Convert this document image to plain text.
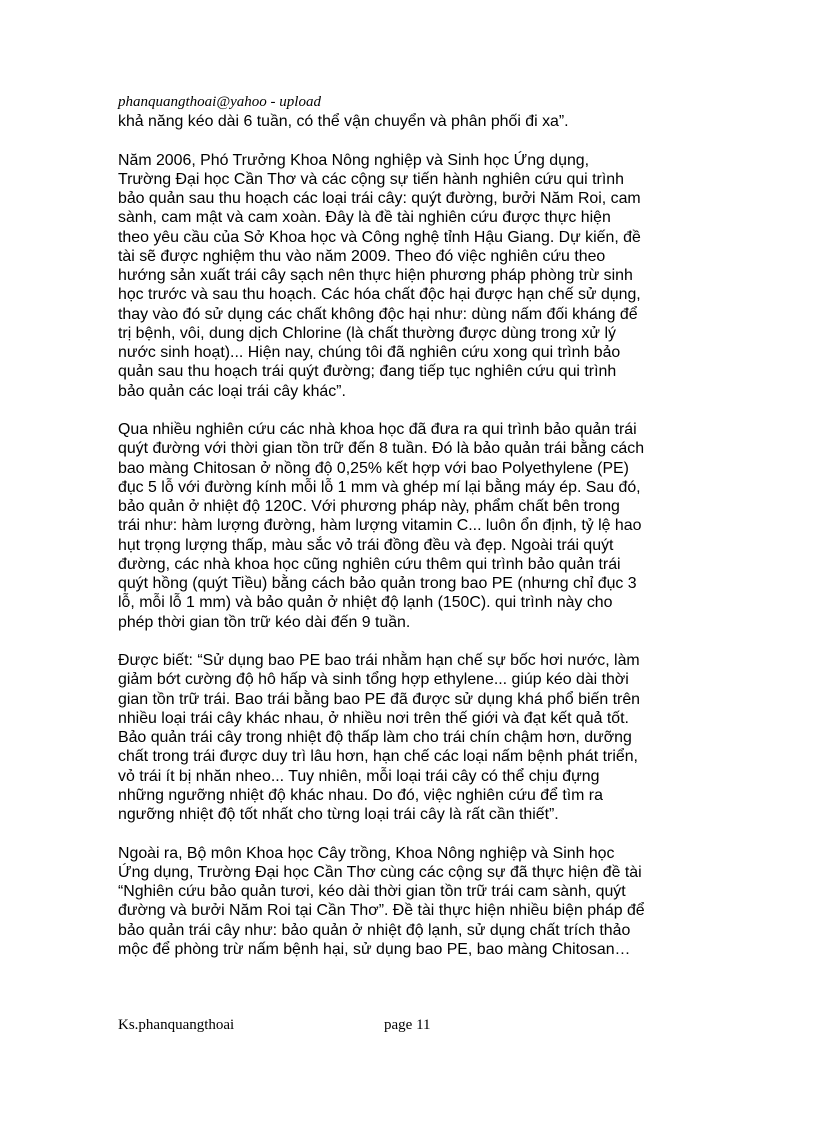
phanquangthoai@yahoo - upload
khả năng kéo dài 6 tuần, có thể vận chuyển và phân phối đi xa”.
Năm 2006, Phó Trưởng Khoa Nông nghiệp và Sinh học Ứng dụng,
Trường Đại học Cần Thơ và các cộng sự tiến hành nghiên cứu qui trình
bảo quản sau thu hoạch các loại trái cây: quýt đường, bưởi Năm Roi, cam
sành, cam mật và cam xoàn. Đây là đề tài nghiên cứu được thực hiện
theo yêu cầu của Sở Khoa học và Công nghệ tỉnh Hậu Giang. Dự kiến, đề
tài sẽ được nghiệm thu vào năm 2009. Theo đó việc nghiên cứu theo
hướng sản xuất trái cây sạch nên thực hiện phương pháp phòng trừ sinh
học trước và sau thu hoạch. Các hóa chất độc hại được hạn chế sử dụng,
thay vào đó sử dụng các chất không độc hại như: dùng nấm đối kháng để
trị bệnh, vôi, dung dịch Chlorine (là chất thường được dùng trong xử lý
nước sinh hoạt)... Hiện nay, chúng tôi đã nghiên cứu xong qui trình bảo
quản sau thu hoạch trái quýt đường; đang tiếp tục nghiên cứu qui trình
bảo quản các loại trái cây khác”.
Qua nhiều nghiên cứu các nhà khoa học đã đưa ra qui trình bảo quản trái
quýt đường với thời gian tồn trữ đến 8 tuần. Đó là bảo quản trái bằng cách
bao màng Chitosan ở nồng độ 0,25% kết hợp với bao Polyethylene (PE)
đục 5 lỗ với đường kính mỗi lỗ 1 mm và ghép mí lại bằng máy ép. Sau đó,
bảo quản ở nhiệt độ 120C. Với phương pháp này, phẩm chất bên trong
trái như: hàm lượng đường, hàm lượng vitamin C... luôn ổn định, tỷ lệ hao
hụt trọng lượng thấp, màu sắc vỏ trái đồng đều và đẹp. Ngoài trái quýt
đường, các nhà khoa học cũng nghiên cứu thêm qui trình bảo quản trái
quýt hồng (quýt Tiều) bằng cách bảo quản trong bao PE (nhưng chỉ đục 3
lỗ, mỗi lỗ 1 mm) và bảo quản ở nhiệt độ lạnh (150C). qui trình này cho
phép thời gian tồn trữ kéo dài đến 9 tuần.
Được biết: “Sử dụng bao PE bao trái nhằm hạn chế sự bốc hơi nước, làm
giảm bớt cường độ hô hấp và sinh tổng hợp ethylene... giúp kéo dài thời
gian tồn trữ trái. Bao trái bằng bao PE đã được sử dụng khá phổ biến trên
nhiều loại trái cây khác nhau, ở nhiều nơi trên thế giới và đạt kết quả tốt.
Bảo quản trái cây trong nhiệt độ thấp làm cho trái chín chậm hơn, dưỡng
chất trong trái được duy trì lâu hơn, hạn chế các loại nấm bệnh phát triển,
vỏ trái ít bị nhăn nheo... Tuy nhiên, mỗi loại trái cây có thể chịu đựng
những ngưỡng nhiệt độ khác nhau. Do đó, việc nghiên cứu để tìm ra
ngưỡng nhiệt độ tốt nhất cho từng loại trái cây là rất cần thiết”.
Ngoài ra, Bộ môn Khoa học Cây trồng, Khoa Nông nghiệp và Sinh học
Ứng dụng, Trường Đại học Cần Thơ cùng các cộng sự đã thực hiện đề tài
“Nghiên cứu bảo quản tươi, kéo dài thời gian tồn trữ trái cam sành, quýt
đường và bưởi Năm Roi tại Cần Thơ”. Đề tài thực hiện nhiều biện pháp để
bảo quản trái cây như: bảo quản ở nhiệt độ lạnh, sử dụng chất trích thảo
mộc để phòng trừ nấm bệnh hại, sử dụng bao PE, bao màng Chitosan…
Ks.phanquangthoai	page 11
